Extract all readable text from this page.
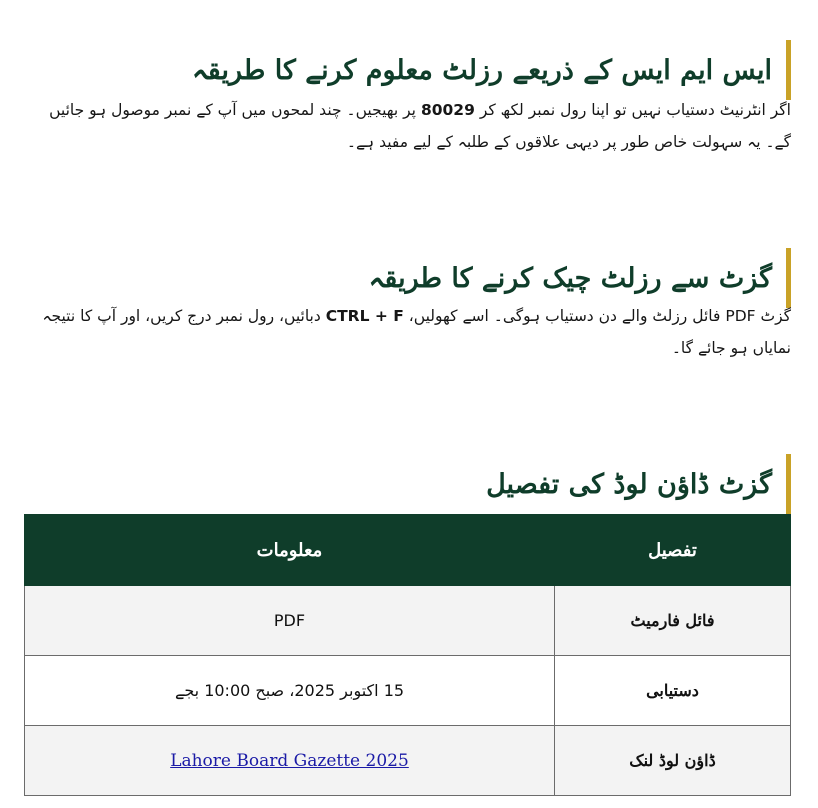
ایس ایم ایس کے ذریعے رزلٹ معلوم کرنے کا طریقہ

اگر انٹرنیٹ دستیاب نہیں تو اپنا رول نمبر لکھ کر 80029 پر بھیجیں۔ چند لمحوں میں آپ کے نمبر موصول ہو جائیں گے۔ یہ سہولت خاص طور پر دیہی علاقوں کے طلبہ کے لیے مفید ہے۔

گزٹ سے رزلٹ چیک کرنے کا طریقہ

گزٹ PDF فائل رزلٹ والے دن دستیاب ہوگی۔ اسے کھولیں، CTRL + F دبائیں، رول نمبر درج کریں، اور آپ کا نتیجہ نمایاں ہو جائے گا۔

گزٹ ڈاؤن لوڈ کی تفصیل
تفصیل	معلومات
فائل فارمیٹ	PDF
دستیابی	15 اکتوبر 2025، صبح 10:00 بجے
ڈاؤن لوڈ لنک	Lahore Board Gazette 2025
